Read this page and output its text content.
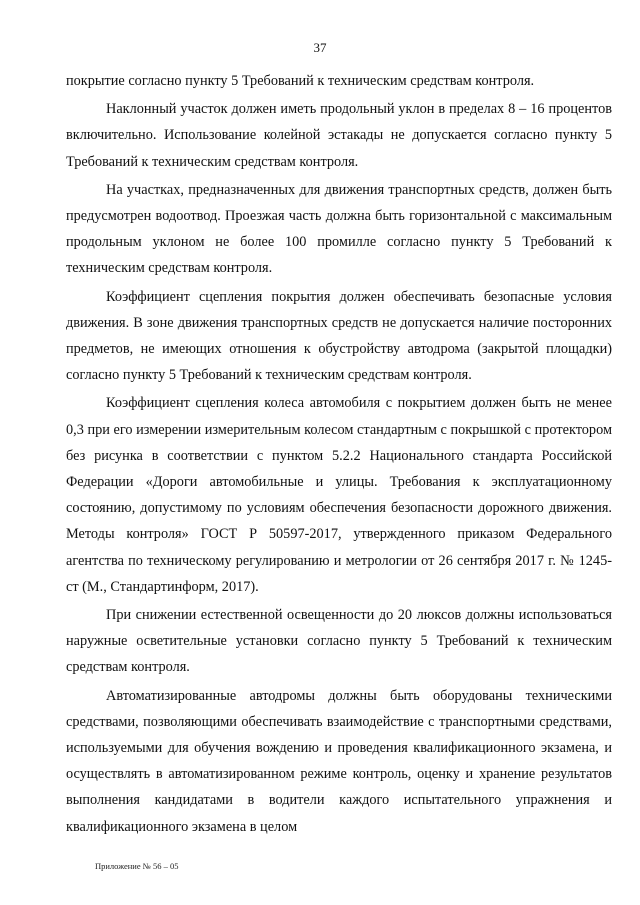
37

покрытие согласно пункту 5 Требований к техническим средствам контроля.

Наклонный участок должен иметь продольный уклон в пределах 8 – 16 процентов включительно. Использование колейной эстакады не допускается согласно пункту 5 Требований к техническим средствам контроля.

На участках, предназначенных для движения транспортных средств, должен быть предусмотрен водоотвод. Проезжая часть должна быть горизонтальной с максимальным продольным уклоном не более 100 промилле согласно пункту 5 Требований к техническим средствам контроля.

Коэффициент сцепления покрытия должен обеспечивать безопасные условия движения. В зоне движения транспортных средств не допускается наличие посторонних предметов, не имеющих отношения к обустройству автодрома (закрытой площадки) согласно пункту 5 Требований к техническим средствам контроля.

Коэффициент сцепления колеса автомобиля с покрытием должен быть не менее 0,3 при его измерении измерительным колесом стандартным с покрышкой с протектором без рисунка в соответствии с пунктом 5.2.2 Национального стандарта Российской Федерации «Дороги автомобильные и улицы. Требования к эксплуатационному состоянию, допустимому по условиям обеспечения безопасности дорожного движения. Методы контроля» ГОСТ Р 50597-2017, утвержденного приказом Федерального агентства по техническому регулированию и метрологии от 26 сентября 2017 г. № 1245-ст (М., Стандартинформ, 2017).

При снижении естественной освещенности до 20 люксов должны использоваться наружные осветительные установки согласно пункту 5 Требований к техническим средствам контроля.

Автоматизированные автодромы должны быть оборудованы техническими средствами, позволяющими обеспечивать взаимодействие с транспортными средствами, используемыми для обучения вождению и проведения квалификационного экзамена, и осуществлять в автоматизированном режиме контроль, оценку и хранение результатов выполнения кандидатами в водители каждого испытательного упражнения и квалификационного экзамена в целом

Приложение № 56 – 05
